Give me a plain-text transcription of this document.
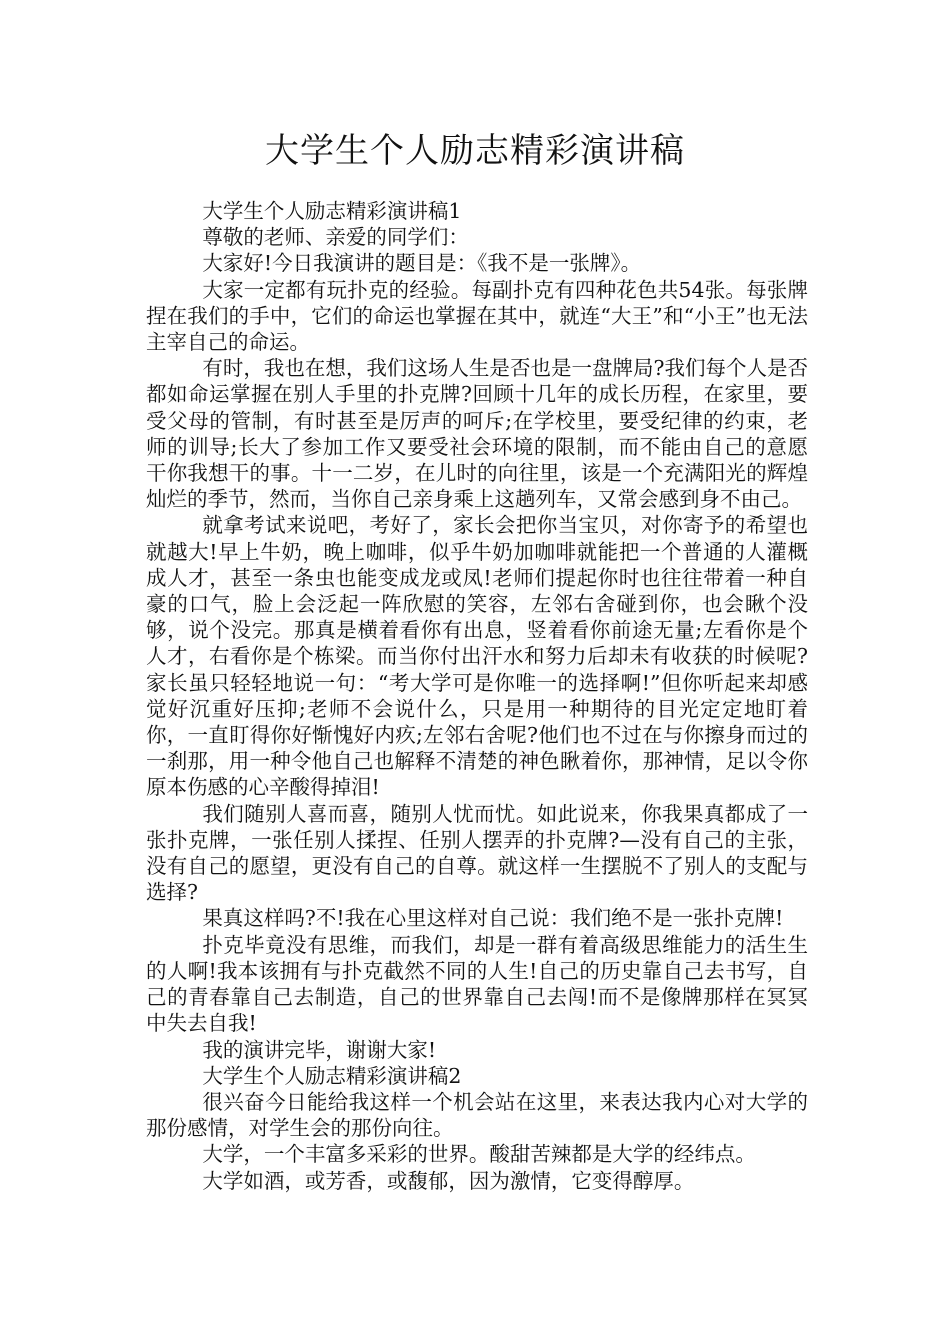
大学生个人励志精彩演讲稿

大学生个人励志精彩演讲稿1

尊敬的老师、亲爱的同学们：

大家好!今日我演讲的题目是：《我不是一张牌》。

大家一定都有玩扑克的经验。每副扑克有四种花色共54张。每张牌捏在我们的手中，它们的命运也掌握在其中，就连“大王”和“小王”也无法主宰自己的命运。

有时，我也在想，我们这场人生是否也是一盘牌局?我们每个人是否都如命运掌握在别人手里的扑克牌?回顾十几年的成长历程，在家里，要受父母的管制，有时甚至是厉声的呵斥;在学校里，要受纪律的约束，老师的训导;长大了参加工作又要受社会环境的限制，而不能由自己的意愿干你我想干的事。十一二岁，在儿时的向往里，该是一个充满阳光的辉煌灿烂的季节，然而，当你自己亲身乘上这趟列车，又常会感到身不由己。

就拿考试来说吧，考好了，家长会把你当宝贝，对你寄予的希望也就越大!早上牛奶，晚上咖啡，似乎牛奶加咖啡就能把一个普通的人灌概成人才，甚至一条虫也能变成龙或凤!老师们提起你时也往往带着一种自豪的口气，脸上会泛起一阵欣慰的笑容，左邻右舍碰到你，也会瞅个没够，说个没完。那真是横着看你有出息，竖着看你前途无量;左看你是个人才，右看你是个栋梁。而当你付出汗水和努力后却未有收获的时候呢?家长虽只轻轻地说一句：“考大学可是你唯一的选择啊!”但你听起来却感觉好沉重好压抑;老师不会说什么，只是用一种期待的目光定定地盯着你，一直盯得你好惭愧好内疚;左邻右舍呢?他们也不过在与你擦身而过的一刹那，用一种令他自己也解释不清楚的神色瞅着你，那神情，足以令你原本伤感的心辛酸得掉泪!

我们随别人喜而喜，随别人忧而忧。如此说来，你我果真都成了一张扑克牌，一张任别人揉捏、任别人摆弄的扑克牌?—没有自己的主张，没有自己的愿望，更没有自己的自尊。就这样一生摆脱不了别人的支配与选择?

果真这样吗?不!我在心里这样对自己说：我们绝不是一张扑克牌!

扑克毕竟没有思维，而我们，却是一群有着高级思维能力的活生生的人啊!我本该拥有与扑克截然不同的人生!自己的历史靠自己去书写，自己的青春靠自己去制造，自己的世界靠自己去闯!而不是像牌那样在冥冥中失去自我!

我的演讲完毕，谢谢大家!

大学生个人励志精彩演讲稿2

很兴奋今日能给我这样一个机会站在这里，来表达我内心对大学的那份感情，对学生会的那份向往。

大学，一个丰富多采彩的世界。酸甜苦辣都是大学的经纬点。

大学如酒，或芳香，或馥郁，因为激情，它变得醇厚。
